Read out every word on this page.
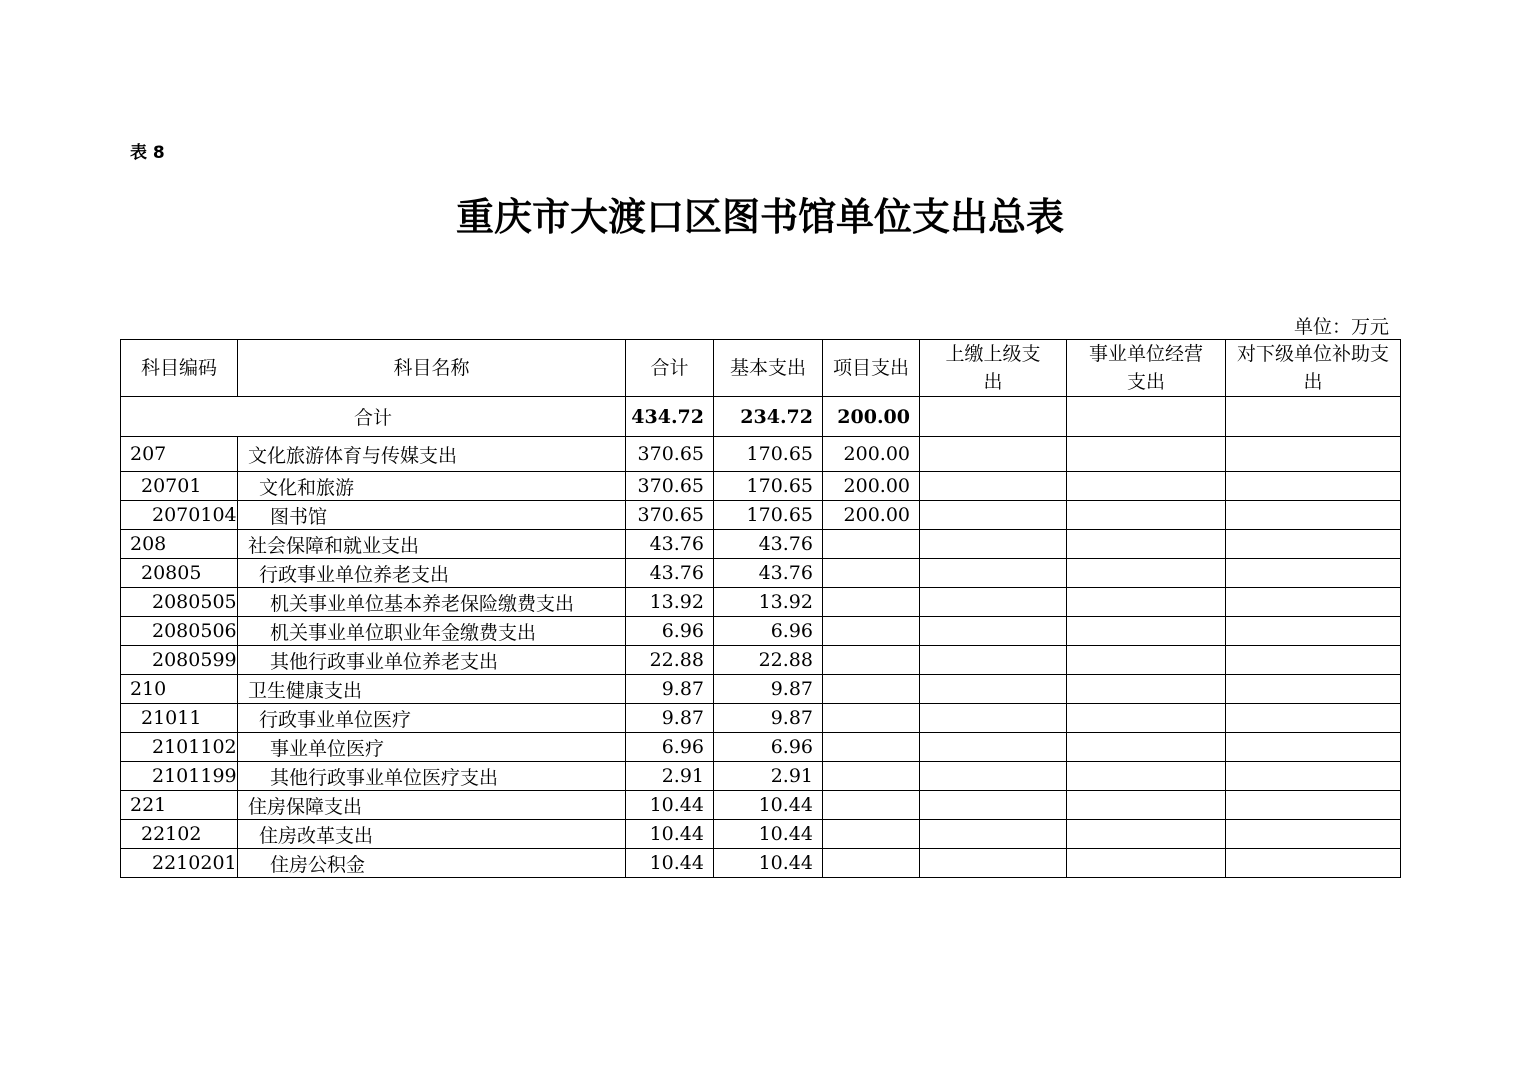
表 8
重庆市大渡口区图书馆单位支出总表
单位：万元
科目编码	科目名称	合计	基本支出	项目支出	上缴上级支出	事业单位经营支出	对下级单位补助支出
合计		434.72	234.72	200.00			
207	文化旅游体育与传媒支出	370.65	170.65	200.00			
20701	文化和旅游	370.65	170.65	200.00			
2070104	图书馆	370.65	170.65	200.00			
208	社会保障和就业支出	43.76	43.76				
20805	行政事业单位养老支出	43.76	43.76				
2080505	机关事业单位基本养老保险缴费支出	13.92	13.92				
2080506	机关事业单位职业年金缴费支出	6.96	6.96				
2080599	其他行政事业单位养老支出	22.88	22.88				
210	卫生健康支出	9.87	9.87				
21011	行政事业单位医疗	9.87	9.87				
2101102	事业单位医疗	6.96	6.96				
2101199	其他行政事业单位医疗支出	2.91	2.91				
221	住房保障支出	10.44	10.44				
22102	住房改革支出	10.44	10.44				
2210201	住房公积金	10.44	10.44				
